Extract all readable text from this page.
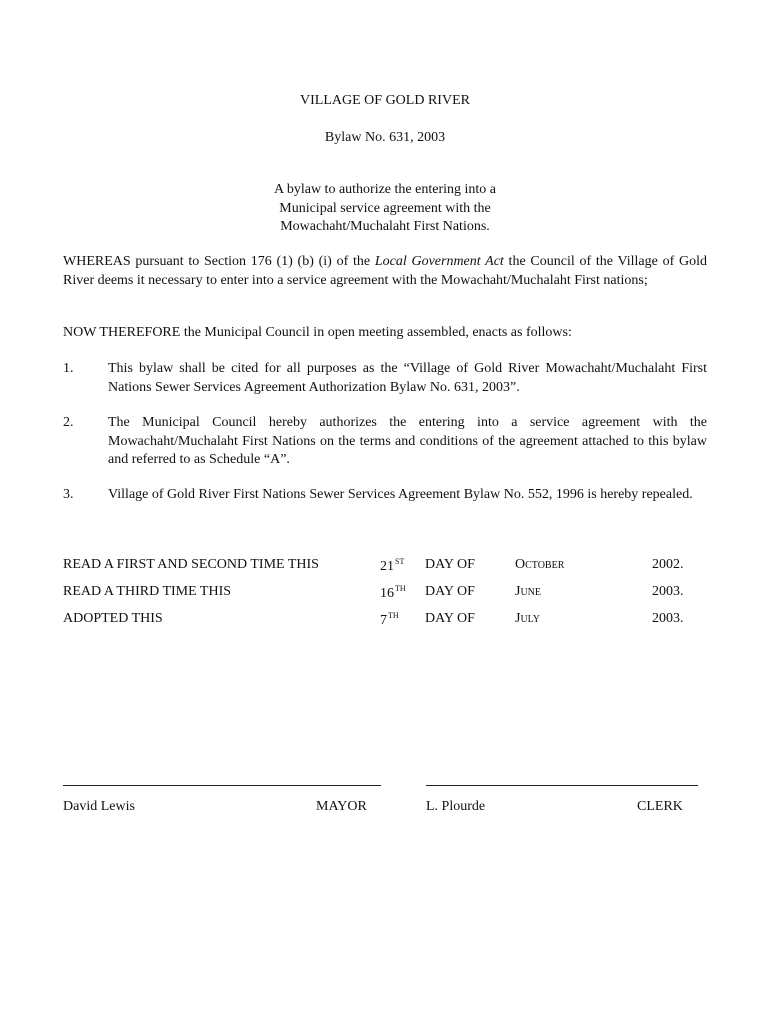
VILLAGE OF GOLD RIVER
Bylaw No. 631, 2003
A bylaw to authorize the entering into a
Municipal service agreement with the
Mowachaht/Muchalaht First Nations.
WHEREAS pursuant to Section 176 (1) (b) (i) of the Local Government Act the Council of the Village of Gold River deems it necessary to enter into a service agreement with the Mowachaht/Muchalaht First nations;
NOW THEREFORE the Municipal Council in open meeting assembled, enacts as follows:
1. This bylaw shall be cited for all purposes as the “Village of Gold River Mowachaht/Muchalaht First Nations Sewer Services Agreement Authorization Bylaw No. 631, 2003”.
2. The Municipal Council hereby authorizes the entering into a service agreement with the Mowachaht/Muchalaht First Nations on the terms and conditions of the agreement attached to this bylaw and referred to as Schedule “A”.
3. Village of Gold River First Nations Sewer Services Agreement Bylaw No. 552, 1996 is hereby repealed.
READ A FIRST AND SECOND TIME THIS	21ST DAY OF	October	2002.
READ A THIRD TIME THIS	16TH DAY OF	June	2003.
ADOPTED THIS	7TH DAY OF	July	2003.
David Lewis	MAYOR	L. Plourde	CLERK
